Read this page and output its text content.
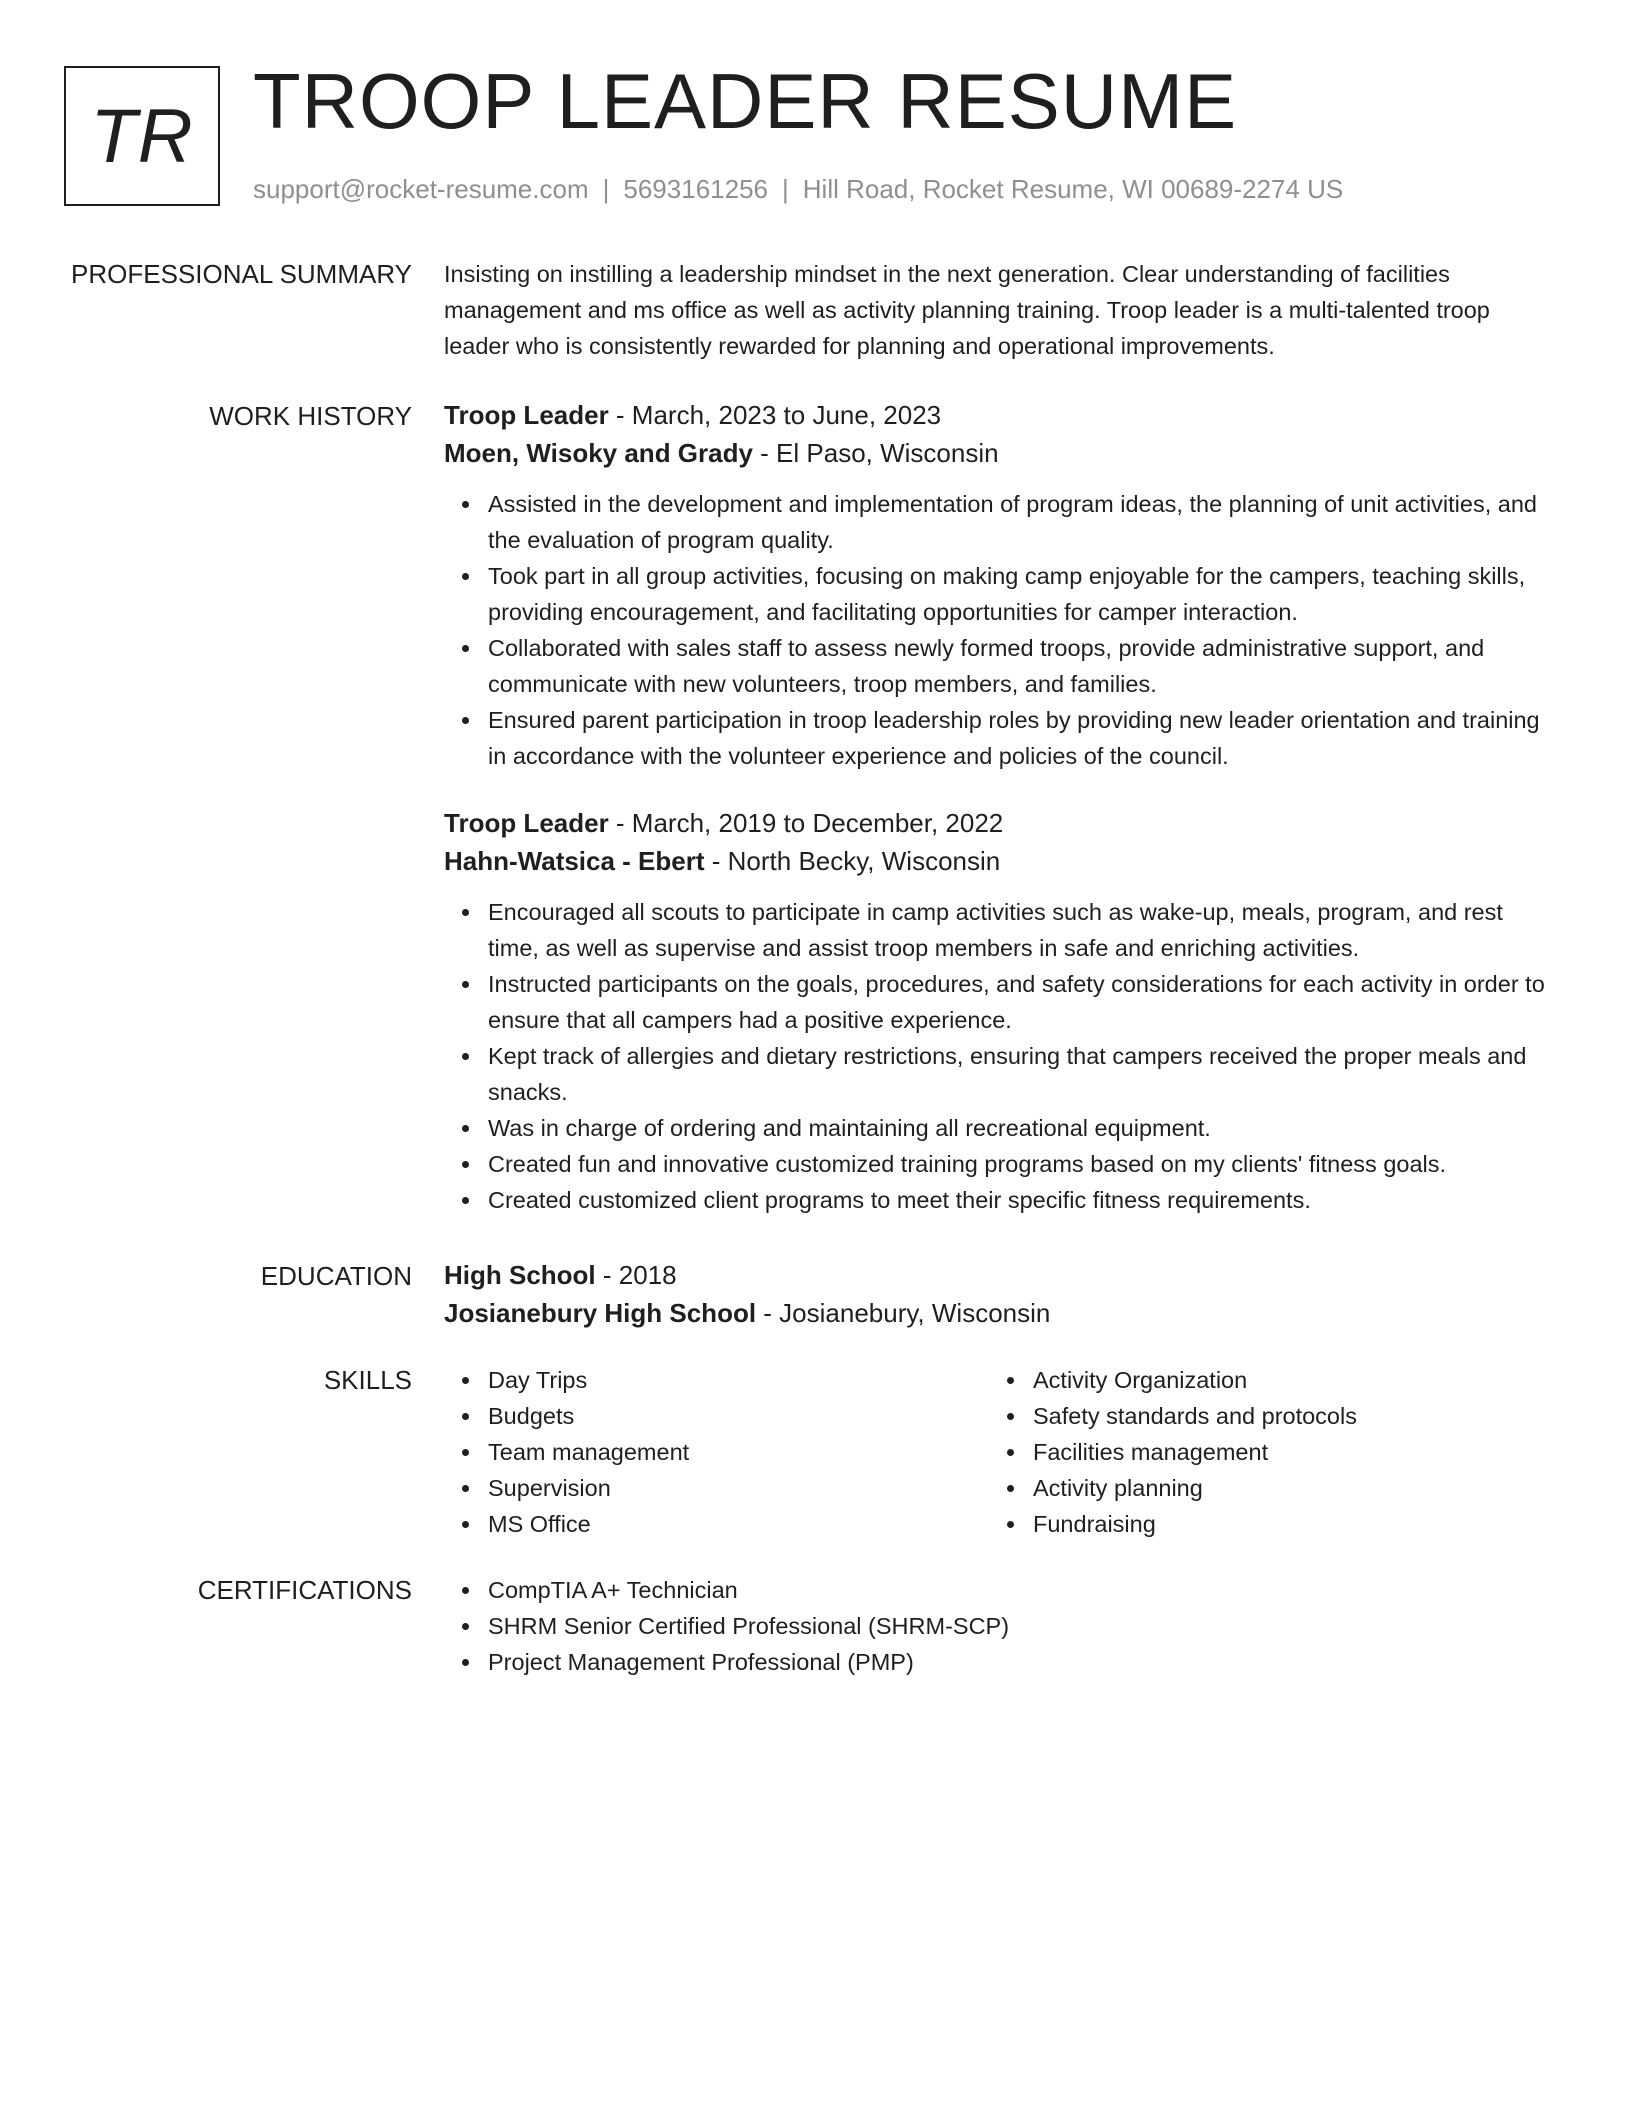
TR TROOP LEADER RESUME
support@rocket-resume.com | 5693161256 | Hill Road, Rocket Resume, WI 00689-2274 US
PROFESSIONAL SUMMARY Insisting on instilling a leadership mindset in the next generation. Clear understanding of facilities management and ms office as well as activity planning training. Troop leader is a multi-talented troop leader who is consistently rewarded for planning and operational improvements.

WORK HISTORY Troop Leader - March, 2023 to June, 2023
Moen, Wisoky and Grady - El Paso, Wisconsin
Assisted in the development and implementation of program ideas, the planning of unit activities, and the evaluation of program quality.
Took part in all group activities, focusing on making camp enjoyable for the campers, teaching skills, providing encouragement, and facilitating opportunities for camper interaction.
Collaborated with sales staff to assess newly formed troops, provide administrative support, and communicate with new volunteers, troop members, and families.
Ensured parent participation in troop leadership roles by providing new leader orientation and training in accordance with the volunteer experience and policies of the council.
Troop Leader - March, 2019 to December, 2022
Hahn-Watsica - Ebert - North Becky, Wisconsin
Encouraged all scouts to participate in camp activities such as wake-up, meals, program, and rest time, as well as supervise and assist troop members in safe and enriching activities.
Instructed participants on the goals, procedures, and safety considerations for each activity in order to ensure that all campers had a positive experience.
Kept track of allergies and dietary restrictions, ensuring that campers received the proper meals and snacks.
Was in charge of ordering and maintaining all recreational equipment.
Created fun and innovative customized training programs based on my clients' fitness goals.
Created customized client programs to meet their specific fitness requirements.
EDUCATION High School - 2018
Josianebury High School - Josianebury, Wisconsin
SKILLS	Day Trips
Budgets
Team management
Supervision
MS Office
Activity Organization
Safety standards and protocols
Facilities management
Activity planning
Fundraising
CERTIFICATIONS	CompTIA A+ Technician
SHRM Senior Certified Professional (SHRM-SCP)
Project Management Professional (PMP)
